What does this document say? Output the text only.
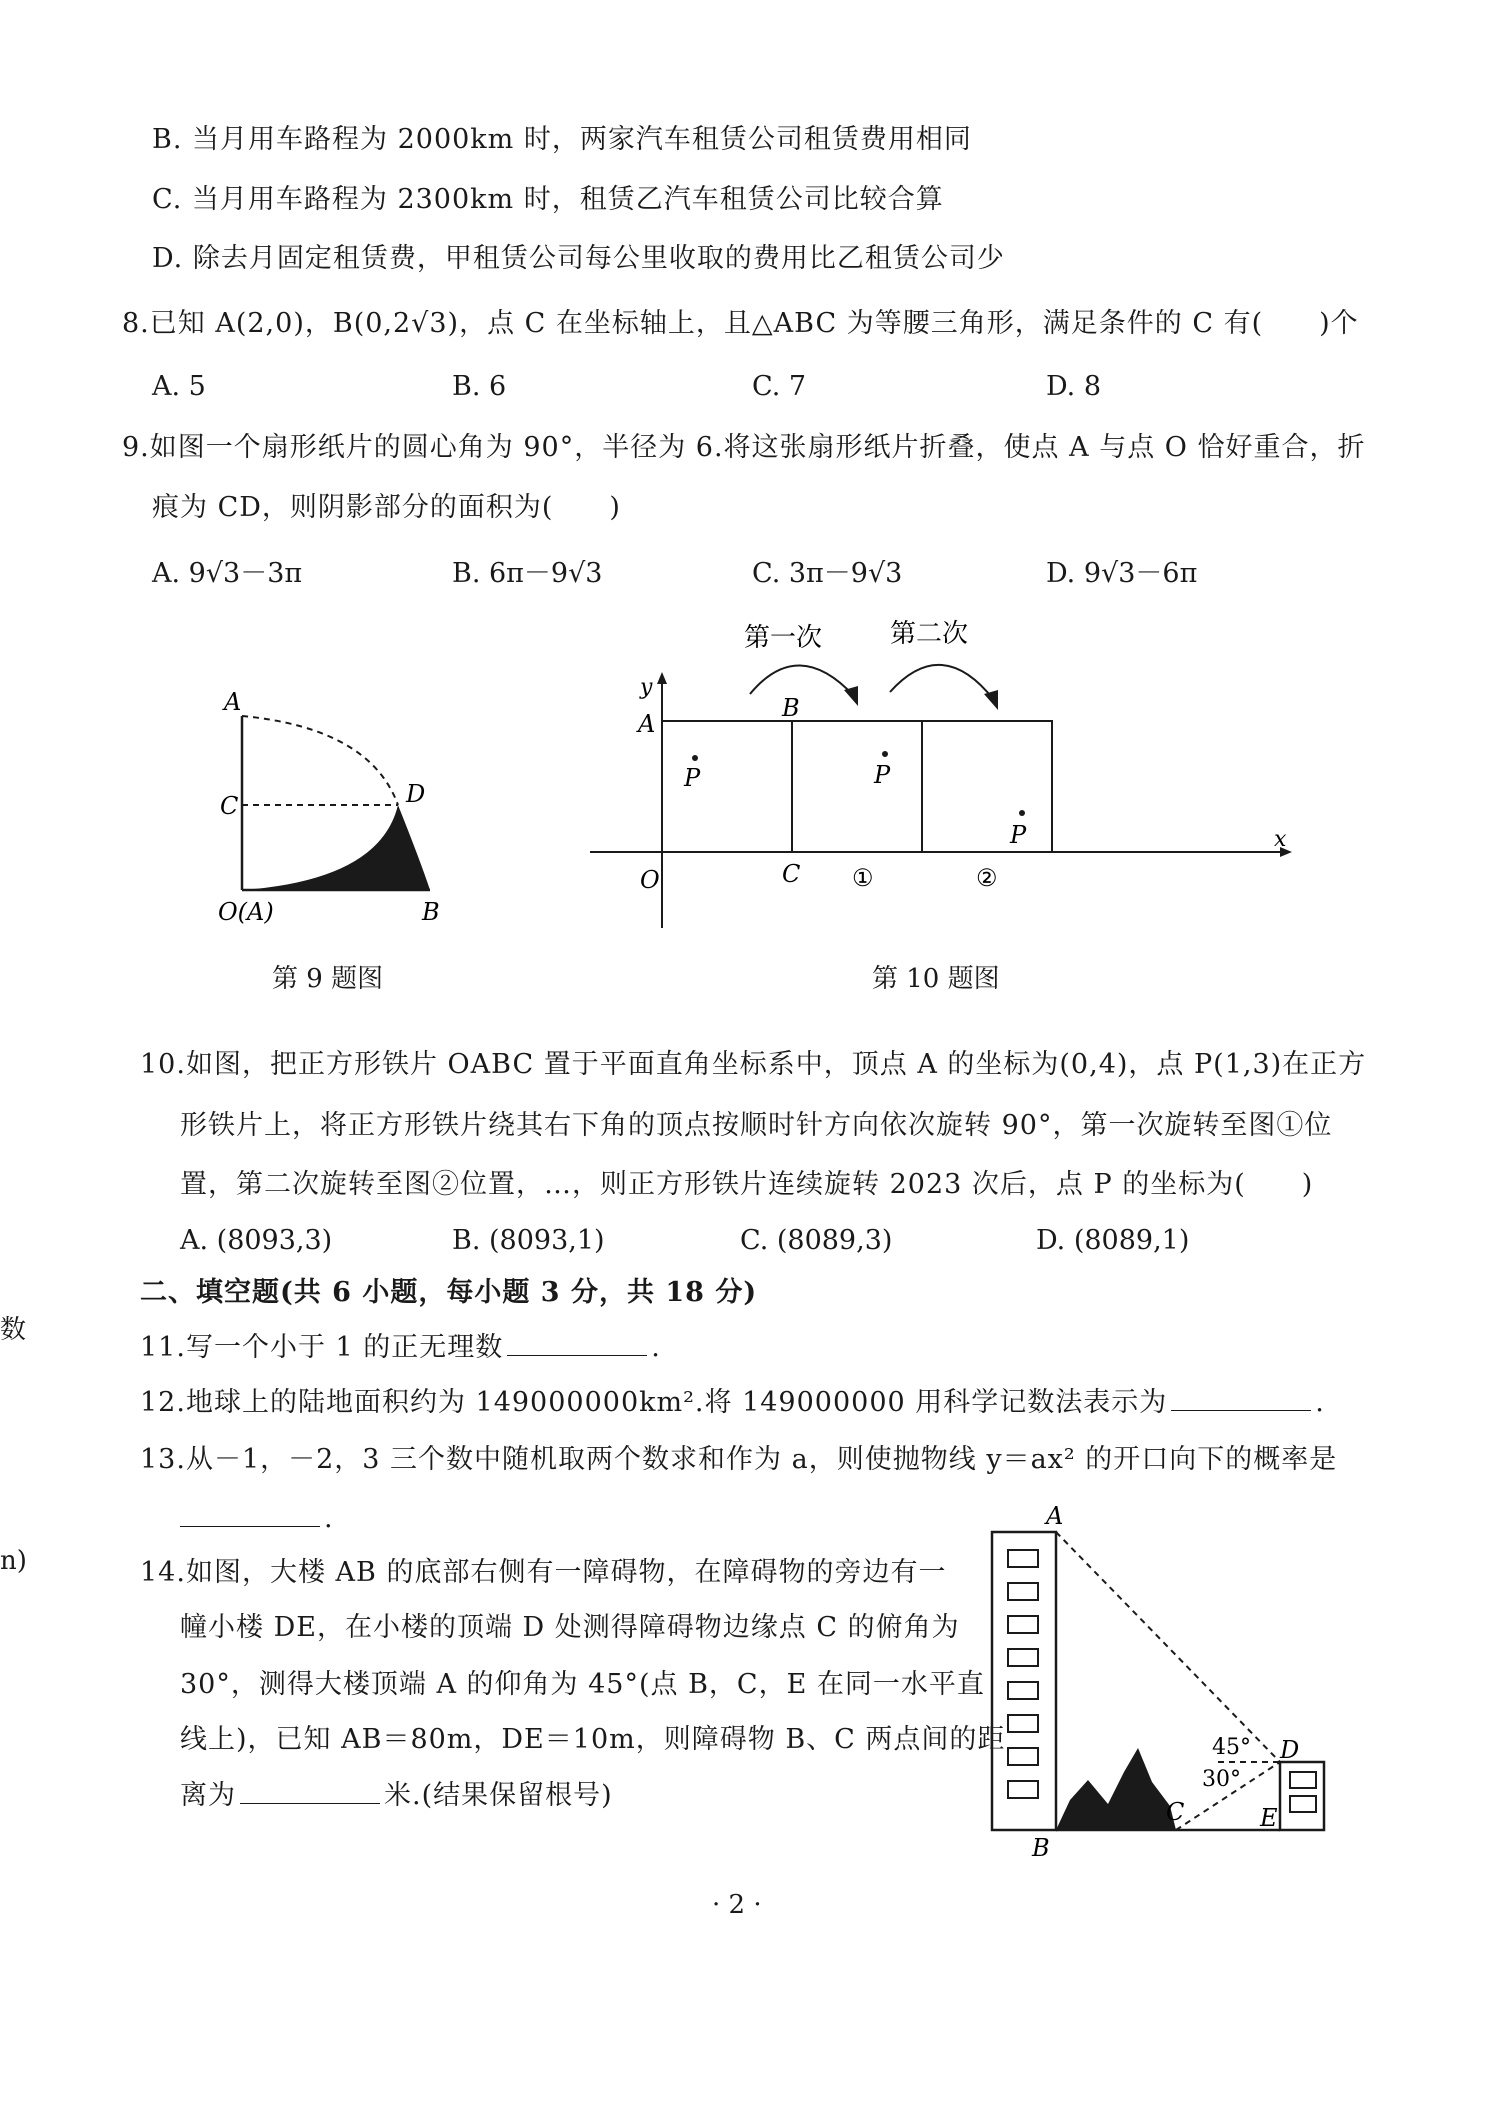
B. 当月用车路程为 2000km 时，两家汽车租赁公司租赁费用相同
C. 当月用车路程为 2300km 时，租赁乙汽车租赁公司比较合算
D. 除去月固定租赁费，甲租赁公司每公里收取的费用比乙租赁公司少
8.已知 A(2,0)，B(0,2√3)，点 C 在坐标轴上，且△ABC 为等腰三角形，满足条件的 C 有(　　)个
A. 5	B. 6	C. 7	D. 8
9.如图一个扇形纸片的圆心角为 90°，半径为 6.将这张扇形纸片折叠，使点 A 与点 O 恰好重合，折
痕为 CD，则阴影部分的面积为(　　)
A. 9√3－3π	B. 6π－9√3	C. 3π－9√3	D. 9√3－6π
A
C	D
O(A)	B
第 9 题图
P	P
P
y
x
A
B
C
O	①	②
第一次	第二次
第 10 题图
10.如图，把正方形铁片 OABC 置于平面直角坐标系中，顶点 A 的坐标为(0,4)，点 P(1,3)在正方
形铁片上，将正方形铁片绕其右下角的顶点按顺时针方向依次旋转 90°，第一次旋转至图①位
置，第二次旋转至图②位置，…，则正方形铁片连续旋转 2023 次后，点 P 的坐标为(　　)
A. (8093,3)	B. (8093,1)	C. (8089,3)	D. (8089,1)
二、填空题(共 6 小题，每小题 3 分，共 18 分)
11.写一个小于 1 的正无理数	.
12.地球上的陆地面积约为 149000000km².将 149000000 用科学记数法表示为	.
13.从－1，－2，3 三个数中随机取两个数求和作为 a，则使抛物线 y＝ax² 的开口向下的概率是
.
14.如图，大楼 AB 的底部右侧有一障碍物，在障碍物的旁边有一
幢小楼 DE，在小楼的顶端 D 处测得障碍物边缘点 C 的俯角为
30°，测得大楼顶端 A 的仰角为 45°(点 B，C，E 在同一水平直
线上)，已知 AB＝80m，DE＝10m，则障碍物 B、C 两点间的距
离为	米.(结果保留根号)
A
B
C
D
E
45°
30°
数
n)
· 2 ·
